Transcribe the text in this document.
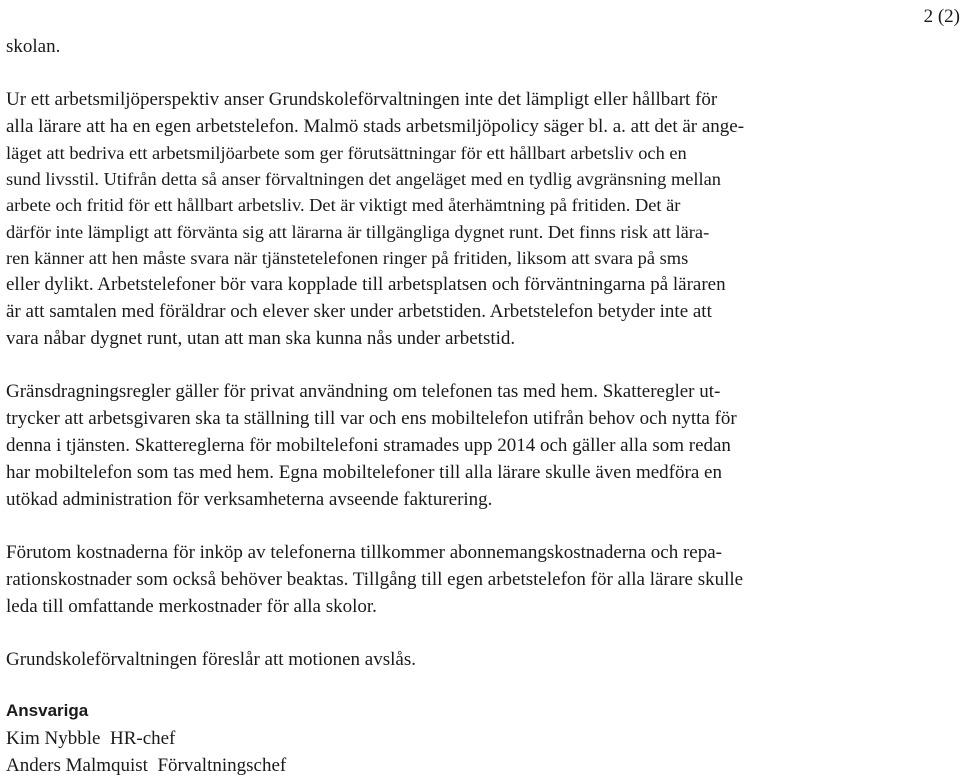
2 (2)
skolan.
Ur ett arbetsmiljöperspektiv anser Grundskoleförvaltningen inte det lämpligt eller hållbart för
alla lärare att ha en egen arbetstelefon. Malmö stads arbetsmiljöpolicy säger bl. a. att det är ange-
läget att bedriva ett arbetsmiljöarbete som ger förutsättningar för ett hållbart arbetsliv och en
sund livsstil. Utifrån detta så anser förvaltningen det angeläget med en tydlig avgränsning mellan
arbete och fritid för ett hållbart arbetsliv. Det är viktigt med återhämtning på fritiden. Det är
därför inte lämpligt att förvänta sig att lärarna är tillgängliga dygnet runt. Det finns risk att lära-
ren känner att hen måste svara när tjänstetelefonen ringer på fritiden, liksom att svara på sms
eller dylikt. Arbetstelefoner bör vara kopplade till arbetsplatsen och förväntningarna på läraren
är att samtalen med föräldrar och elever sker under arbetstiden. Arbetstelefon betyder inte att
vara nåbar dygnet runt, utan att man ska kunna nås under arbetstid.
Gränsdragningsregler gäller för privat användning om telefonen tas med hem. Skatteregler ut-
trycker att arbetsgivaren ska ta ställning till var och ens mobiltelefon utifrån behov och nytta för
denna i tjänsten. Skattereglerna för mobiltelefoni stramades upp 2014 och gäller alla som redan
har mobiltelefon som tas med hem. Egna mobiltelefoner till alla lärare skulle även medföra en
utökad administration för verksamheterna avseende fakturering.
Förutom kostnaderna för inköp av telefonerna tillkommer abonnemangskostnaderna och repa-
rationskostnader som också behöver beaktas. Tillgång till egen arbetstelefon för alla lärare skulle
leda till omfattande merkostnader för alla skolor.
Grundskoleförvaltningen föreslår att motionen avslås.
Ansvariga
Kim Nybble HR-chef
Anders Malmquist Förvaltningschef
